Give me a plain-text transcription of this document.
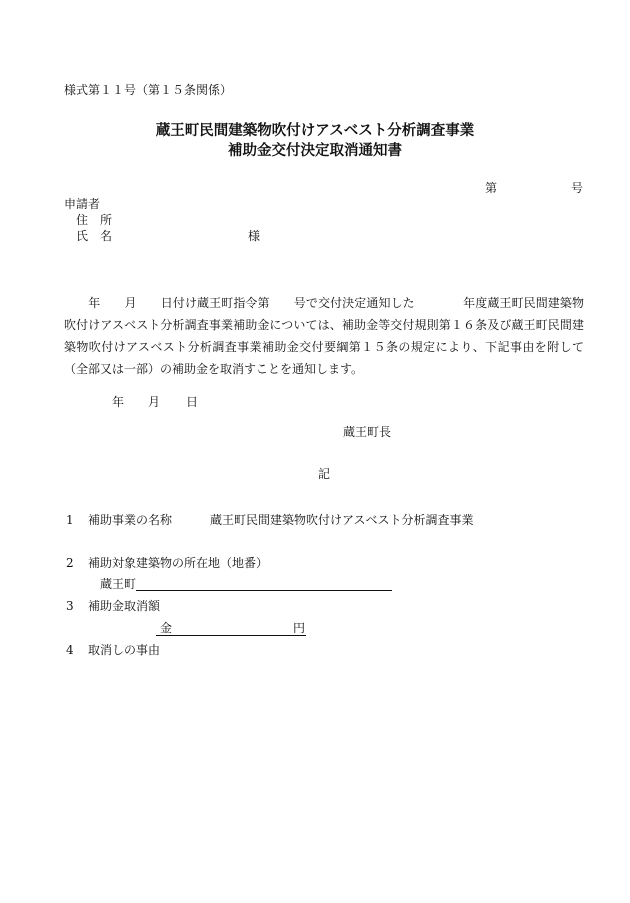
様式第１１号（第１５条関係）
蔵王町民間建築物吹付けアスベスト分析調査事業
補助金交付決定取消通知書
第	号
申請者
住　所
氏　名	様
　　年　　月　　日付け蔵王町指令第　　号で交付決定通知した　　　　年度蔵王町民間建築物吹付けアスベスト分析調査事業補助金については、補助金等交付規則第１６条及び蔵王町民間建築物吹付けアスベスト分析調査事業補助金交付要綱第１５条の規定により、下記事由を附して（全部又は一部）の補助金を取消すことを通知します。
年 月 日
蔵王町長
記
1 補助事業の名称	蔵王町民間建築物吹付けアスベスト分析調査事業
2 補助対象建築物の所在地（地番）
蔵王町
3 補助金取消額
金	円
4 取消しの事由
